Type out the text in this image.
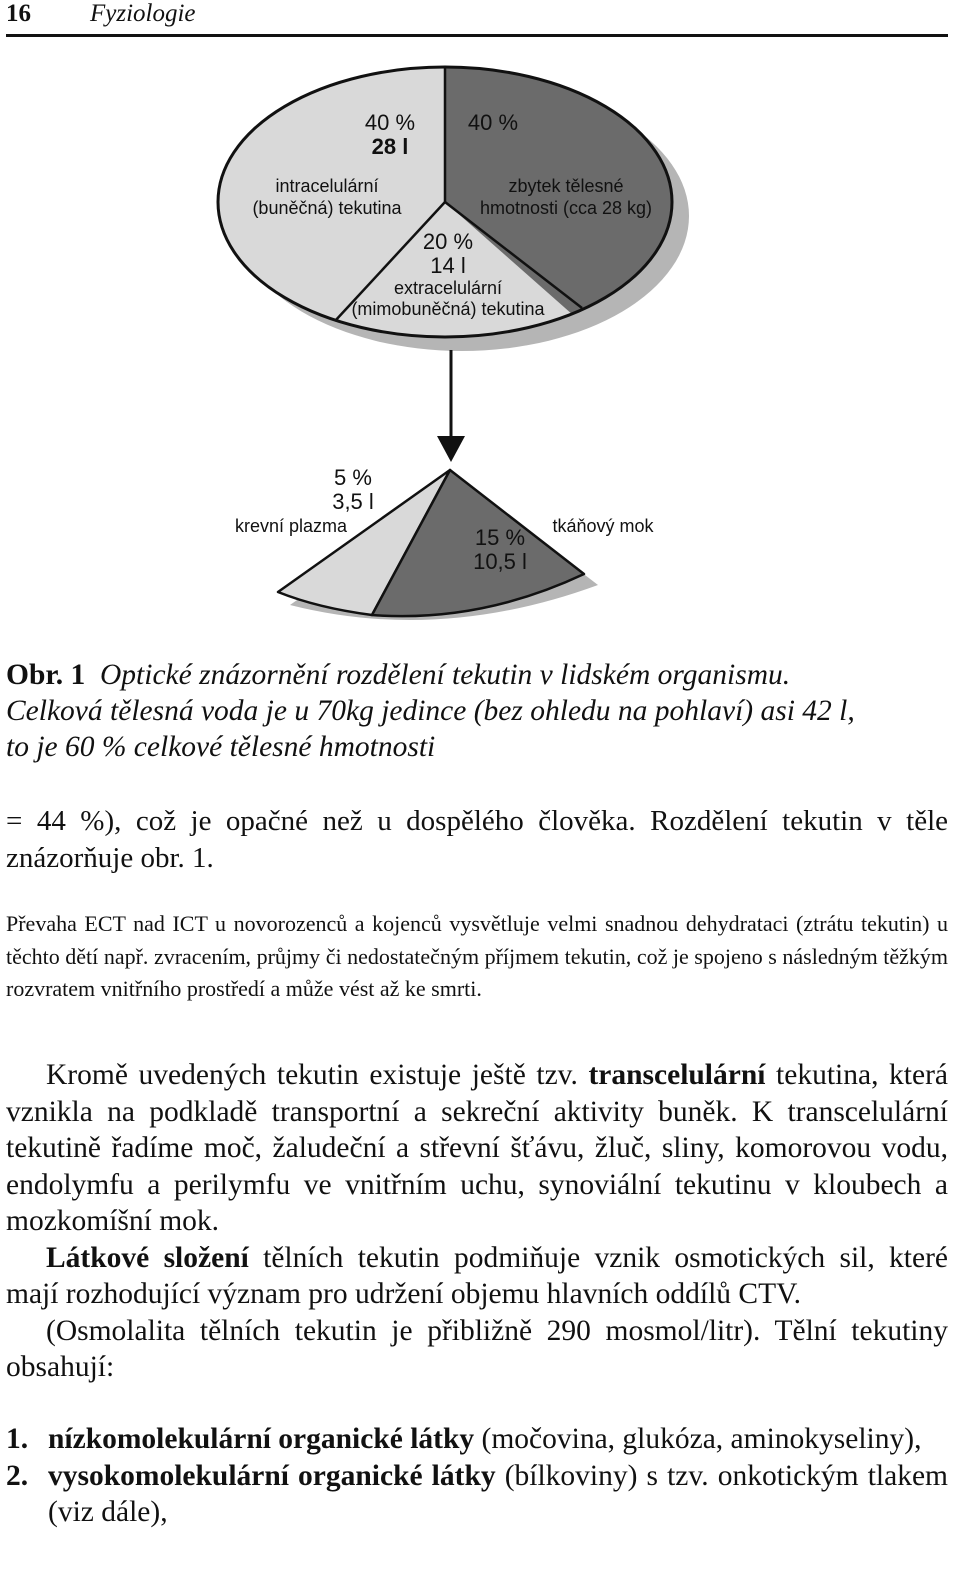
16 Fyziologie
40 %
28 l
intracelulární
(buněčná) tekutina
40 %
zbytek tělesné
hmotnosti (cca 28 kg)
20 %
14 l
extracelulární
(mimobuněčná) tekutina
5 %
3,5 l
krevní plazma	15 %
10,5 l
tkáňový mok
Obr. 1 Optické znázornění rozdělení tekutin v lidském organismu.
Celková tělesná voda je u 70kg jedince (bez ohledu na pohlaví) asi 42 l,
to je 60 % celkové tělesné hmotnosti
= 44 %), což je opačné než u dospělého člověka. Rozdělení tekutin v těle znázorňuje obr. 1.
Převaha ECT nad ICT u novorozenců a kojenců vysvětluje velmi snadnou dehydrataci (ztrátu tekutin) u těchto dětí např. zvracením, průjmy či nedostatečným příjmem tekutin, což je spojeno s následným těžkým rozvratem vnitřního prostředí a může vést až ke smrti.
Kromě uvedených tekutin existuje ještě tzv. transcelulární tekutina, která vznikla na podkladě transportní a sekreční aktivity buněk. K transcelulární tekutině řadíme moč, žaludeční a střevní šťávu, žluč, sliny, komorovou vodu, endolymfu a perilymfu ve vnitřním uchu, synoviální tekutinu v kloubech a mozkomíšní mok.
Látkové složení tělních tekutin podmiňuje vznik osmotických sil, které mají rozhodující význam pro udržení objemu hlavních oddílů CTV.
(Osmolalita tělních tekutin je přibližně 290 mosmol/litr). Tělní tekutiny obsahují:
1. nízkomolekulární organické látky (močovina, glukóza, aminokyseliny),
2. vysokomolekulární organické látky (bílkoviny) s tzv. onkotickým tlakem (viz dále),
